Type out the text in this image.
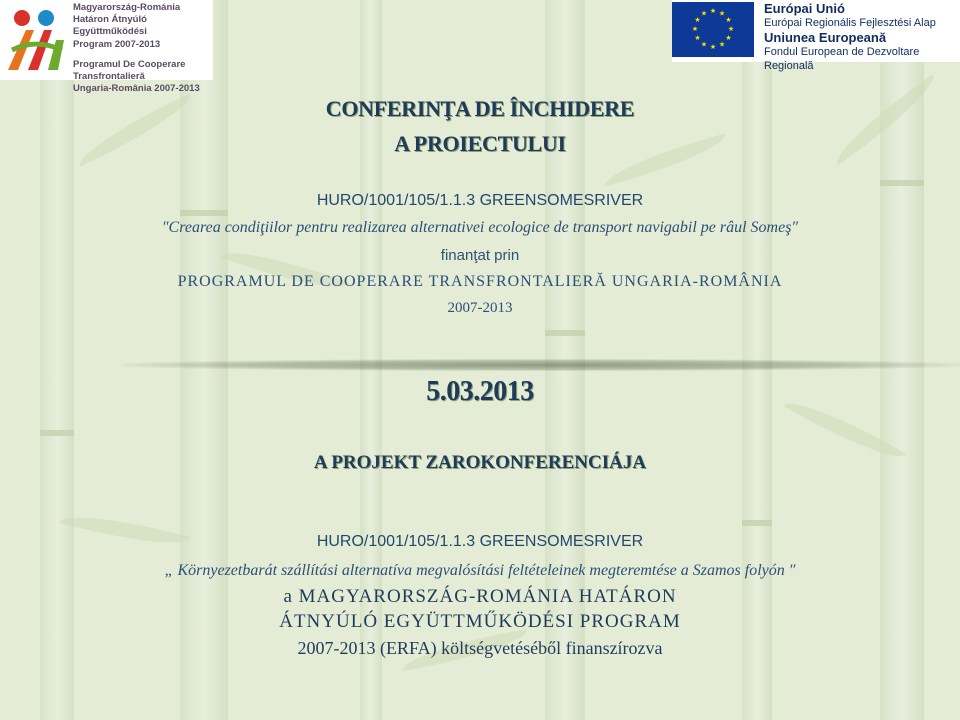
Magyarország-Románia
Határon Átnyúló Együttműködési
Program 2007-2013
Programul De Cooperare
Transfrontalieră
Ungaria-România 2007-2013
★ ★
★
★
★
★
★
★
★
★
★
★	Európai Unió
Európai Regionális Fejlesztési Alap
Uniunea Europeană
Fondul European de Dezvoltare Regională
CONFERINŢA DE ÎNCHIDERE
A PROIECTULUI
HURO/1001/105/1.1.3 GREENSOMESRIVER
″Crearea condiţiilor pentru realizarea alternativei ecologice de transport navigabil pe râul Someş″
finanţat prin
PROGRAMUL DE COOPERARE TRANSFRONTALIERĂ UNGARIA-ROMÂNIA
2007-2013
5.03.2013
A PROJEKT ZAROKONFERENCIÁJA
HURO/1001/105/1.1.3 GREENSOMESRIVER
„ Környezetbarát szállítási alternatíva megvalósítási feltételeinek megteremtése a Szamos folyón ″
a MAGYARORSZÁG-ROMÁNIA HATÁRON
ÁTNYÚLÓ EGYÜTTMŰKÖDÉSI PROGRAM
2007-2013 (ERFA) költségvetéséből finanszírozva
